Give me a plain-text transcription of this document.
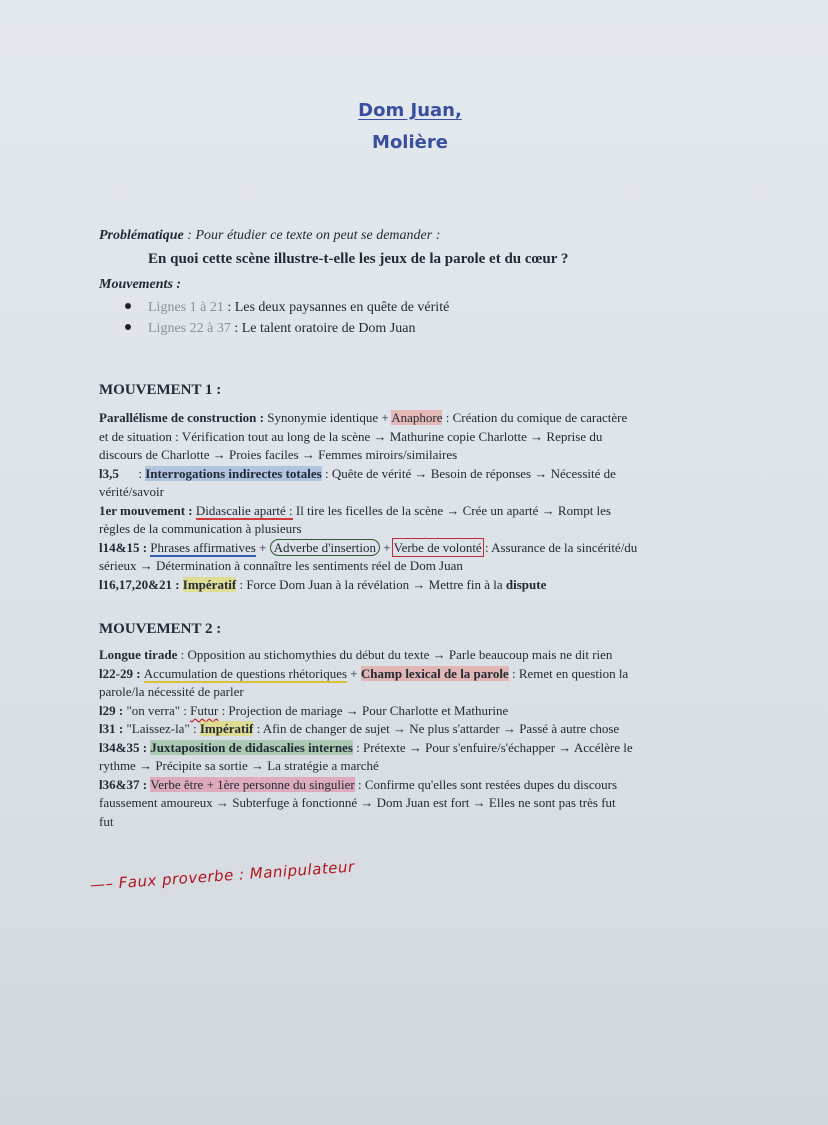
Dom Juan,
Molière
Problématique : Pour étudier ce texte on peut se demander :
En quoi cette scène illustre-t-elle les jeux de la parole et du cœur ?
Mouvements :
Lignes 1 à 21 : Les deux paysannes en quête de vérité
Lignes 22 à 37 : Le talent oratoire de Dom Juan
MOUVEMENT 1 :
Parallélisme de construction : Synonymie identique + Anaphore : Création du comique de caractère
et de situation : Vérification tout au long de la scène → Mathurine copie Charlotte → Reprise du
discours de Charlotte → Proies faciles → Femmes miroirs/similaires
l3,5      : Interrogations indirectes totales : Quête de vérité → Besoin de réponses → Nécessité de
vérité/savoir
1er mouvement : Didascalie aparté : Il tire les ficelles de la scène → Crée un aparté → Rompt les
règles de la communication à plusieurs
l14&15 : Phrases affirmatives + Adverbe d'insertion + Verbe de volonté : Assurance de la sincérité/du
sérieux → Détermination à connaître les sentiments réel de Dom Juan
l16,17,20&21 : Impératif : Force Dom Juan à la révélation → Mettre fin à la dispute
MOUVEMENT 2 :
Longue tirade : Opposition au stichomythies du début du texte → Parle beaucoup mais ne dit rien
l22-29 : Accumulation de questions rhétoriques + Champ lexical de la parole : Remet en question la
parole/la nécessité de parler
l29 : "on verra" : Futur : Projection de mariage → Pour Charlotte et Mathurine
l31 : "Laissez-la" : Impératif : Afin de changer de sujet → Ne plus s'attarder → Passé à autre chose
l34&35 : Juxtaposition de didascalies internes : Prétexte → Pour s'enfuire/s'échapper → Accélère le
rythme → Précipite sa sortie → La stratégie a marché
l36&37 : Verbe être + 1ère personne du singulier : Confirme qu'elles sont restées dupes du discours
faussement amoureux → Subterfuge à fonctionné → Dom Juan est fort → Elles ne sont pas très fut
fut
—– Faux proverbe : Manipulateur
